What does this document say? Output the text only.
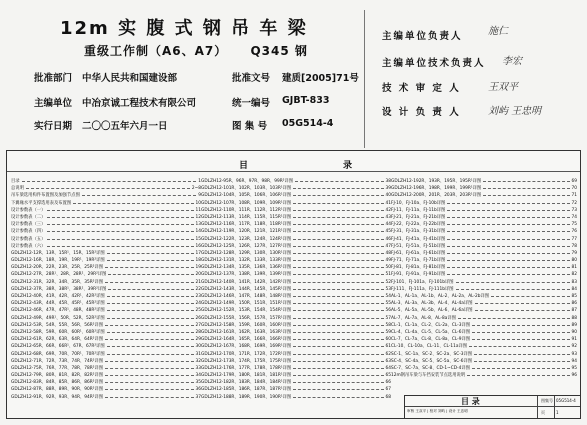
12m 实 腹 式 钢 吊 车 梁
重级工作制（A6、A7） Q345 钢
批准部门 中华人民共和国建设部	批准文号 建质[2005]71号
主编单位 中冶京诚工程技术有限公司	统一编号 GJBT-833
实行日期 二〇〇五年六月一日	图 集 号 05G514-4
主编单位负责人	施仁
主编单位技术负责人 李宏
技 术 审 定 人	王双平
设 计 负 责 人	刘屿 王忠明
目	录
目录	1
总说明	2~8
吊车梁选用构件布置图及加强节点图	9
下翼缘水平支撑选用表及布置图	10
设计参数表（一）	11
设计参数表（二）	12
设计参数表（三）	13
设计参数表（四）	14
设计参数表（五）	15
设计参数表（六）	16
GDLZH12-12R、13R、15R¹、15R、15R²详图	17
GDLZH12-16R、18R、19R、19R¹、19R²详图	18
GDLZH12-20R、22R、23R、25R、25R²详图	19
GDLZH12-27R、28R¹、28R、28R²、29R²详图	20
GDLZH12-31R、32R、34R、35R、35R²详图	21
GDLZH12-37R、38R、38R¹、38R²、39R²详图	22
GDLZH12-40R、41R、42R、42R¹、42R²详图	23
GDLZH12-43R、44R、45R、45R¹、45R²详图	24
GDLZH12-46R、47R、47R¹、48R、48R²详图	25
GDLZH12-49R、49R¹、50R、52R、52R²详图	26
GDLZH12-53R、54R、55R、56R、56R²详图	27
GDLZH12-58R、59R、60R、60R¹、60R²详图	28
GDLZH12-61R、62R、63R、64R、64R²详图	29
GDLZH12-65R、66R、66R¹、67R、67R²详图	30
GDLZH12-68R、69R、70R、70R¹、70R²详图	31
GDLZH12-71R、72R、73R、74R、74R²详图	32
GDLZH12-75R、76R、77R、78R、78R²详图	33
GDLZH12-79R、80R、81R、82R、82R²详图	34
GDLZH12-83R、84R、85R、86R、86R²详图	35
GDLZH12-87R、88R、89R、90R、90R²详图	36
GDLZH12-91R、92R、93R、94R、94R²详图	37
GDLZH12-95R、96R、97R、98R、99R²详图	38
GDLZH12-101R、102R、103R、103R¹详图	39
GDLZH12-104R、105R、106R、106R¹详图	40
GDLZH12-107R、108R、109R、109R¹详图	41
GDLZH12-110R、111R、112R、112R¹详图	42
GDLZH12-113R、114R、115R、115R¹详图	43
GDLZH12-116R、117R、118R、118R¹详图	44
GDLZH12-119R、120R、121R、121R¹详图	45
GDLZH12-122R、123R、124R、124R¹详图	46
GDLZH12-125R、126R、127R、127R¹详图	47
GDLZH12-128R、129R、130R、130R¹详图	48
GDLZH12-131R、132R、133R、133R¹详图	49
GDLZH12-134R、135R、136R、136R¹详图	50
GDLZH12-137R、138R、139R、139R¹详图	51
GDLZH12-140R、141R、142R、142R¹详图	52
GDLZH12-143R、144R、145R、145R¹详图	53
GDLZH12-146R、147R、148R、148R¹详图	54
GDLZH12-149R、150R、151R、151R¹详图	55
GDLZH12-152R、153R、154R、154R¹详图	56
GDLZH12-155R、156R、157R、157R¹详图	57
GDLZH12-158R、159R、160R、160R¹详图	58
GDLZH12-161R、162R、163R、163R¹详图	59
GDLZH12-164R、165R、166R、166R¹详图	60
GDLZH12-167R、168R、169R、169R¹详图	61
GDLZH12-170R、171R、172R、172R¹详图	62
GDLZH12-173R、174R、175R、175R¹详图	63
GDLZH12-176R、177R、178R、178R¹详图	64
GDLZH12-179R、180R、181R、181R¹详图	65
GDLZH12-182R、183R、184R、184R¹详图	66
GDLZH12-185R、186R、187R、187R¹详图	67
GDLZH12-188R、189R、190R、190R¹详图	68
GDLZH12-192R、193R、195R、195R¹详图	69
GDLZH12-196R、198R、199R、199R¹详图	70
GDLZH12-200R、201R、203R、203R¹详图	71
FJ-10、FJ-10a、FJ-10b详图	72
FJ-11、FJ-11a、FJ-11b详图	73
FJ-21、FJ-21a、FJ-21b详图	74
FJ-22、FJ-22a、FJ-22b详图	75
FJ-31、FJ-31a、FJ-31b详图	76
FJ-41、FJ-41a、FJ-41b详图	77
FJ-51、FJ-51a、FJ-51b详图	78
FJ-61、FJ-61a、FJ-61b详图	79
FJ-71、FJ-71a、FJ-71b详图	80
FJ-81、FJ-81a、FJ-81b详图	81
FJ-91、FJ-91a、FJ-91b详图	82
FJ-101、FJ-101a、FJ-101b详图	83
FJ-111、FJ-111a、FJ-111b详图	84
AL-1、AL-1a、AL-1b、AL-2、AL-2a、AL-2b详图	85
AL-3、AL-3a、AL-3b、AL-4、AL-4a详图	86
AL-5、AL-5a、AL-5b、AL-6、AL-6a详图	87
AL-7、AL-7a、AL-8、AL-8a详图	88
CL-1、CL-1a、CL-2、CL-2a、CL-3详图	89
CL-4、CL-4a、CL-5、CL-5a、CL-6详图	90
CL-7、CL-7a、CL-8、CL-8a、CL-9详图	91
CL-10、CL-10a、CL-11、CL-11a详图	92
SC-1、SC-1a、SC-2、SC-2a、SC-3详图	93
SC-4、SC-4a、SC-5、SC-5a、SC-6详图	94
SC-7、SC-7a、SC-8、CD-1~CD-4详图	95
12m钢吊车梁与车挡安装节点选用说明	96
目 录	图集号 05G514-4
页	1
审核 王双平 | 校对 刘屿 | 设计 王忠明
